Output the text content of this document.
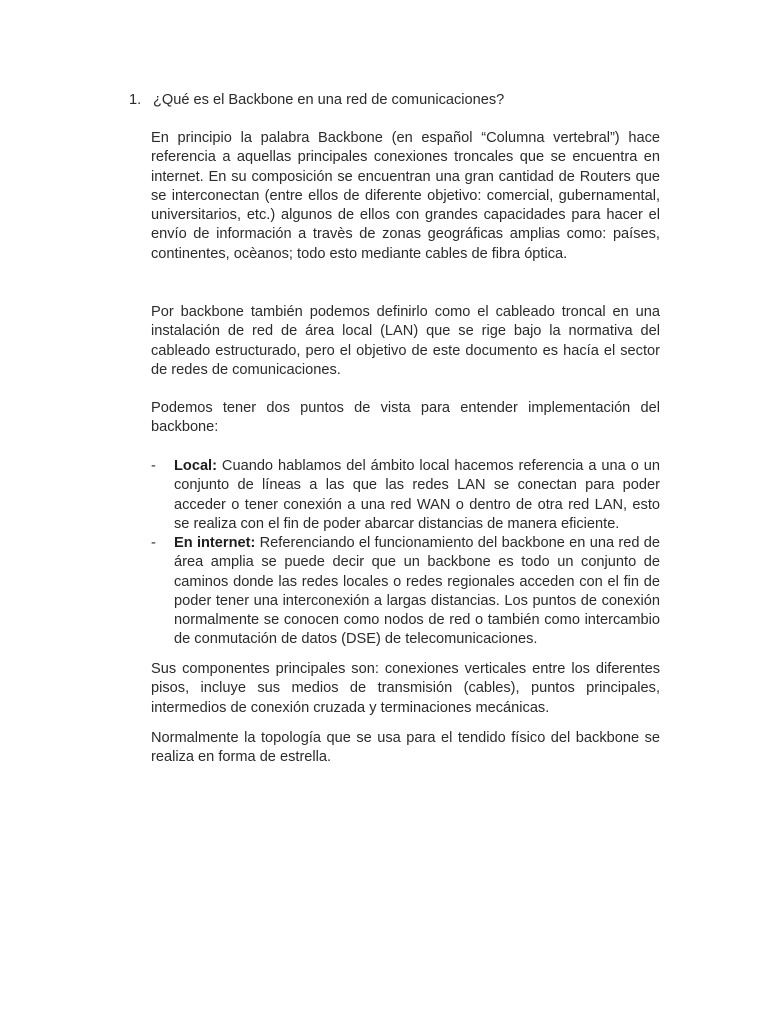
1. ¿Qué es el Backbone en una red de comunicaciones?

En principio la palabra Backbone (en español “Columna vertebral”) hace referencia a aquellas principales conexiones troncales que se encuentra en internet. En su composición se encuentran una gran cantidad de Routers que se interconectan (entre ellos de diferente objetivo: comercial, gubernamental, universitarios, etc.) algunos de ellos con grandes capacidades para hacer el envío de información a travès de zonas geográficas amplias como: países, continentes, ocèanos; todo esto mediante cables de fibra óptica.

Por backbone también podemos definirlo como el cableado troncal en una instalación de red de área local (LAN) que se rige bajo la normativa del cableado estructurado, pero el objetivo de este documento es hacía el sector de redes de comunicaciones.

Podemos tener dos puntos de vista para entender implementación del backbone:

-	Local: Cuando hablamos del ámbito local hacemos referencia a una o un conjunto de líneas a las que las redes LAN se conectan para poder acceder o tener conexión a una red WAN o dentro de otra red LAN, esto se realiza con el fin de poder abarcar distancias de manera eficiente.
-	En internet: Referenciando el funcionamiento del backbone en una red de área amplia se puede decir que un backbone es todo un conjunto de caminos donde las redes locales o redes regionales acceden con el fin de poder tener una interconexión a largas distancias. Los puntos de conexión normalmente se conocen como nodos de red o también como intercambio de conmutación de datos (DSE) de telecomunicaciones.

Sus componentes principales son: conexiones verticales entre los diferentes pisos, incluye sus medios de transmisión (cables), puntos principales, intermedios de conexión cruzada y terminaciones mecánicas.

Normalmente la topología que se usa para el tendido físico del backbone se realiza en forma de estrella.
